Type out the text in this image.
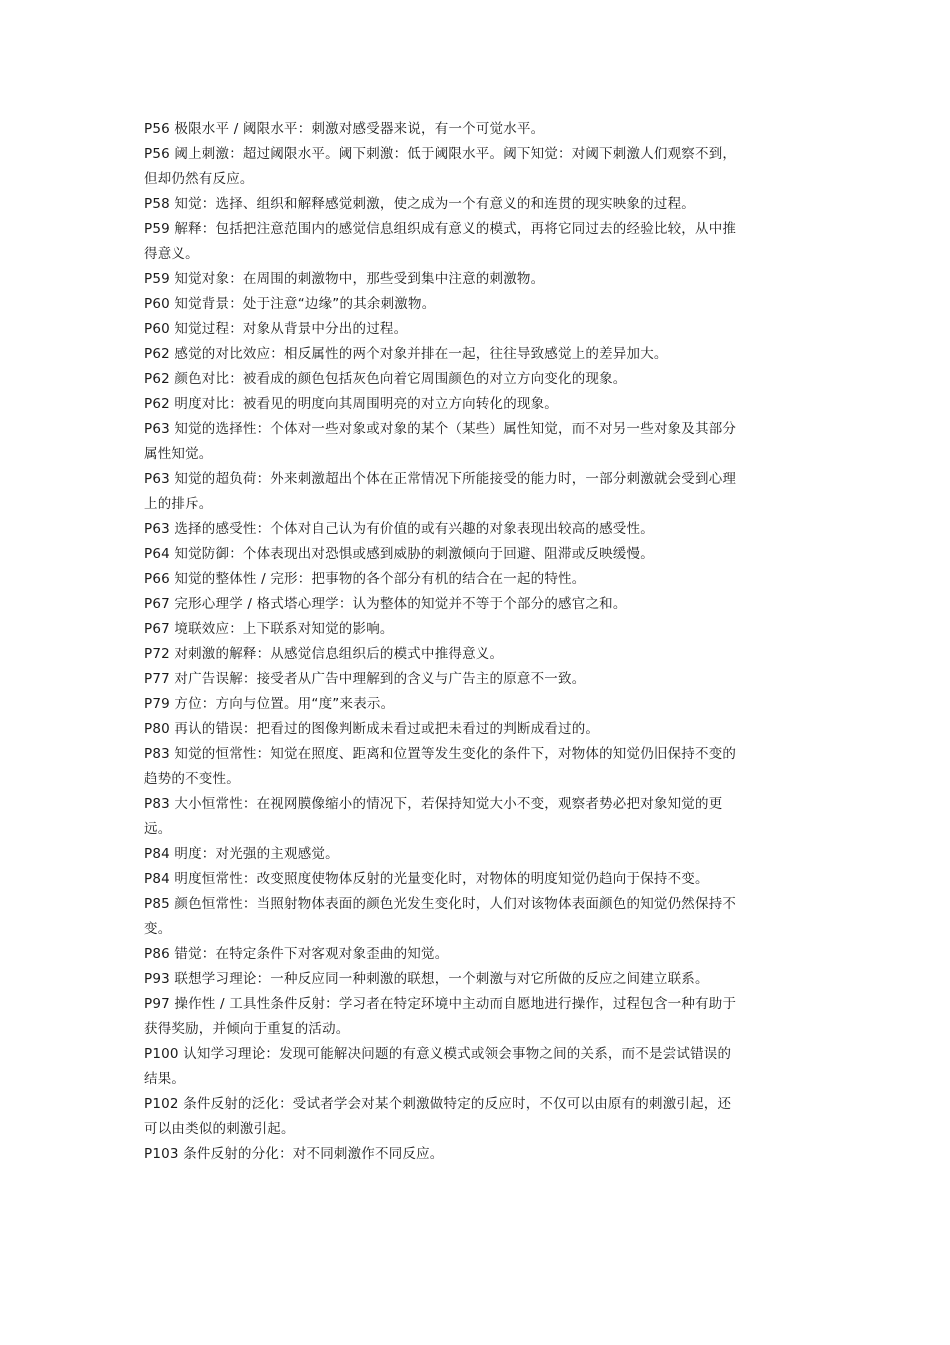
P56 极限水平 / 阈限水平：刺激对感受器来说，有一个可觉水平。

P56 阈上刺激：超过阈限水平。阈下刺激：低于阈限水平。阈下知觉：对阈下刺激人们观察不到，但却仍然有反应。

P58 知觉：选择、组织和解释感觉刺激，使之成为一个有意义的和连贯的现实映象的过程。

P59 解释：包括把注意范围内的感觉信息组织成有意义的模式，再将它同过去的经验比较，从中推得意义。

P59 知觉对象：在周围的刺激物中，那些受到集中注意的刺激物。

P60 知觉背景：处于注意“边缘”的其余刺激物。

P60 知觉过程：对象从背景中分出的过程。

P62 感觉的对比效应：相反属性的两个对象并排在一起，往往导致感觉上的差异加大。

P62 颜色对比：被看成的颜色包括灰色向着它周围颜色的对立方向变化的现象。

P62 明度对比：被看见的明度向其周围明亮的对立方向转化的现象。

P63 知觉的选择性：个体对一些对象或对象的某个（某些）属性知觉，而不对另一些对象及其部分属性知觉。

P63 知觉的超负荷：外来刺激超出个体在正常情况下所能接受的能力时，一部分刺激就会受到心理上的排斥。

P63 选择的感受性：个体对自己认为有价值的或有兴趣的对象表现出较高的感受性。

P64 知觉防御：个体表现出对恐惧或感到威胁的刺激倾向于回避、阻滞或反映缓慢。

P66 知觉的整体性 / 完形：把事物的各个部分有机的结合在一起的特性。

P67 完形心理学 / 格式塔心理学：认为整体的知觉并不等于个部分的感官之和。

P67 境联效应：上下联系对知觉的影响。

P72 对刺激的解释：从感觉信息组织后的模式中推得意义。

P77 对广告误解：接受者从广告中理解到的含义与广告主的原意不一致。

P79 方位：方向与位置。用“度”来表示。

P80 再认的错误：把看过的图像判断成未看过或把未看过的判断成看过的。

P83 知觉的恒常性：知觉在照度、距离和位置等发生变化的条件下，对物体的知觉仍旧保持不变的趋势的不变性。

P83 大小恒常性：在视网膜像缩小的情况下，若保持知觉大小不变，观察者势必把对象知觉的更远。

P84 明度：对光强的主观感觉。

P84 明度恒常性：改变照度使物体反射的光量变化时，对物体的明度知觉仍趋向于保持不变。

P85 颜色恒常性：当照射物体表面的颜色光发生变化时，人们对该物体表面颜色的知觉仍然保持不变。

P86 错觉：在特定条件下对客观对象歪曲的知觉。

P93 联想学习理论：一种反应同一种刺激的联想，一个刺激与对它所做的反应之间建立联系。

P97 操作性 / 工具性条件反射：学习者在特定环境中主动而自愿地进行操作，过程包含一种有助于获得奖励，并倾向于重复的活动。

P100 认知学习理论：发现可能解决问题的有意义模式或领会事物之间的关系，而不是尝试错误的结果。

P102 条件反射的泛化：受试者学会对某个刺激做特定的反应时，不仅可以由原有的刺激引起，还可以由类似的刺激引起。

P103 条件反射的分化：对不同刺激作不同反应。
